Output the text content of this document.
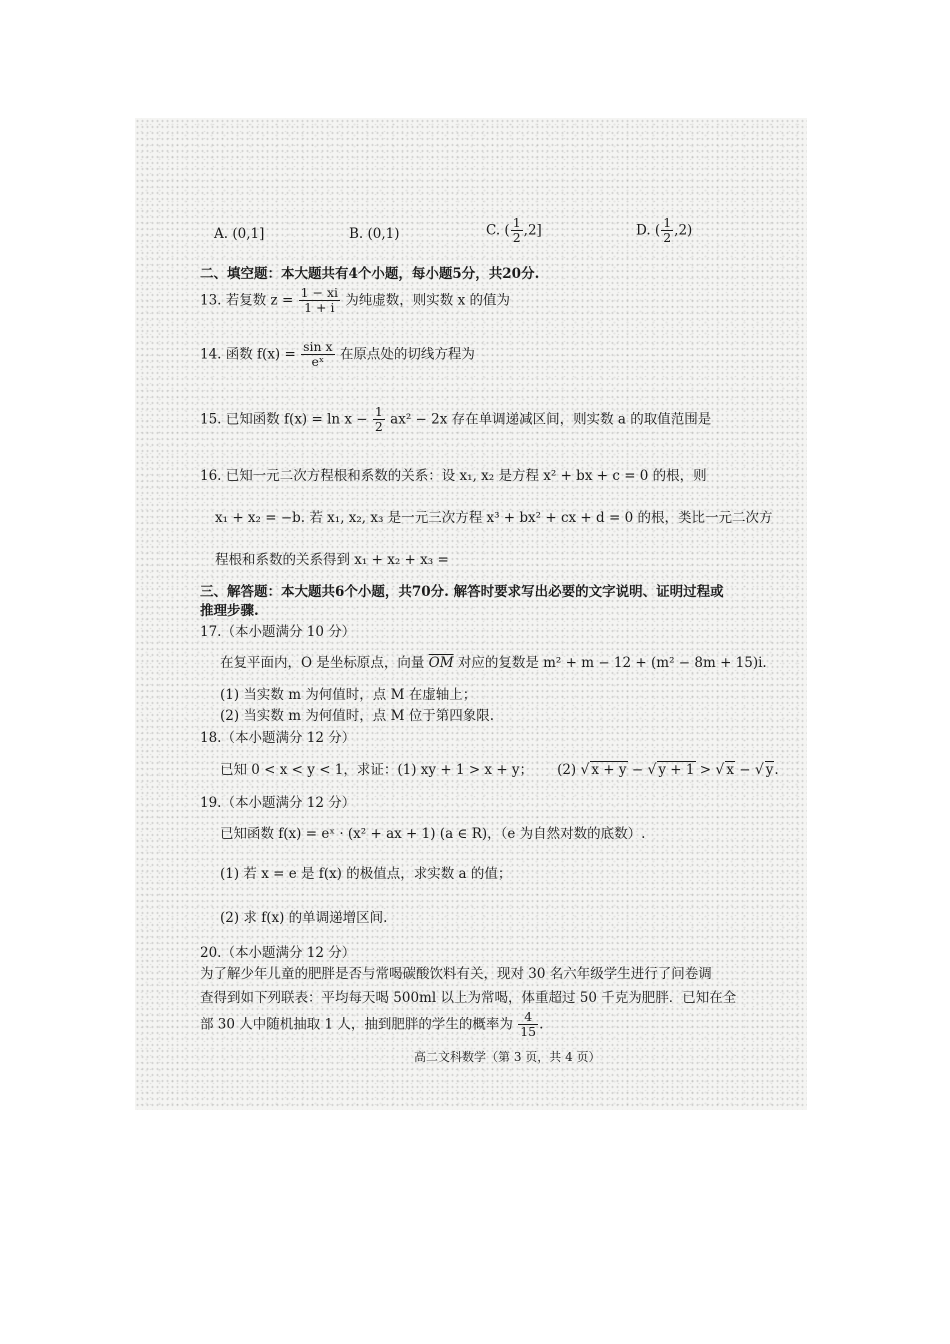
A. (0,1]	B. (0,1)	C. ( $\frac{1}{2} ,2$]	D. ( $\frac{1}{2} ,2$)
二、填空题：本大题共有4个小题，每小题5分，共20分.
13. 若复数 $z = \frac{1 - xi}{1 + i}$ 为纯虚数，则实数 x 的值为
14. 函数 $f(x) = \frac{\text{sin x}}{\text{eˣ}}$ 在原点处的切线方程为
15. 已知函数 $f(x) = \ln x - \frac{1}{2} ax^2 - 2x$ 存在单调递减区间，则实数 a 的取值范围是
16. 已知一元二次方程根和系数的关系：设 x₁, x₂ 是方程 x² + bx + c = 0 的根，则
x₁ + x₂ = −b. 若 x₁, x₂, x₃ 是一元三次方程 x³ + bx² + cx + d = 0 的根，类比一元二次方
程根和系数的关系得到 x₁ + x₂ + x₃ =
三、解答题：本大题共6个小题，共70分. 解答时要求写出必要的文字说明、证明过程或
推理步骤.
17.（本小题满分 10 分）
在复平面内，O 是坐标原点，向量 $\overline{OM}$ 对应的复数是 m² + m − 12 + (m² − 8m + 15)i.
(1) 当实数 m 为何值时，点 M 在虚轴上；
(2) 当实数 m 为何值时，点 M 位于第四象限.
18.（本小题满分 12 分）
已知 0 < x < y < 1，求证：(1) xy + 1 > x + y； (2) √ x + y − √ y + 1 > √ x − √ y.
19.（本小题满分 12 分）
已知函数 f(x) = eˣ · (x² + ax + 1) (a ∈ R)，（e 为自然对数的底数）.
(1) 若 x = e 是 f(x) 的极值点，求实数 a 的值；
(2) 求 f(x) 的单调递增区间.
20.（本小题满分 12 分）
为了解少年儿童的肥胖是否与常喝碳酸饮料有关，现对 30 名六年级学生进行了问卷调
查得到如下列联表：平均每天喝 500ml 以上为常喝，体重超过 50 千克为肥胖．已知在全
部 30 人中随机抽取 1 人，抽到肥胖的学生的概率为 $\frac{4}{15}$ .
高二文科数学（第 3 页，共 4 页）
